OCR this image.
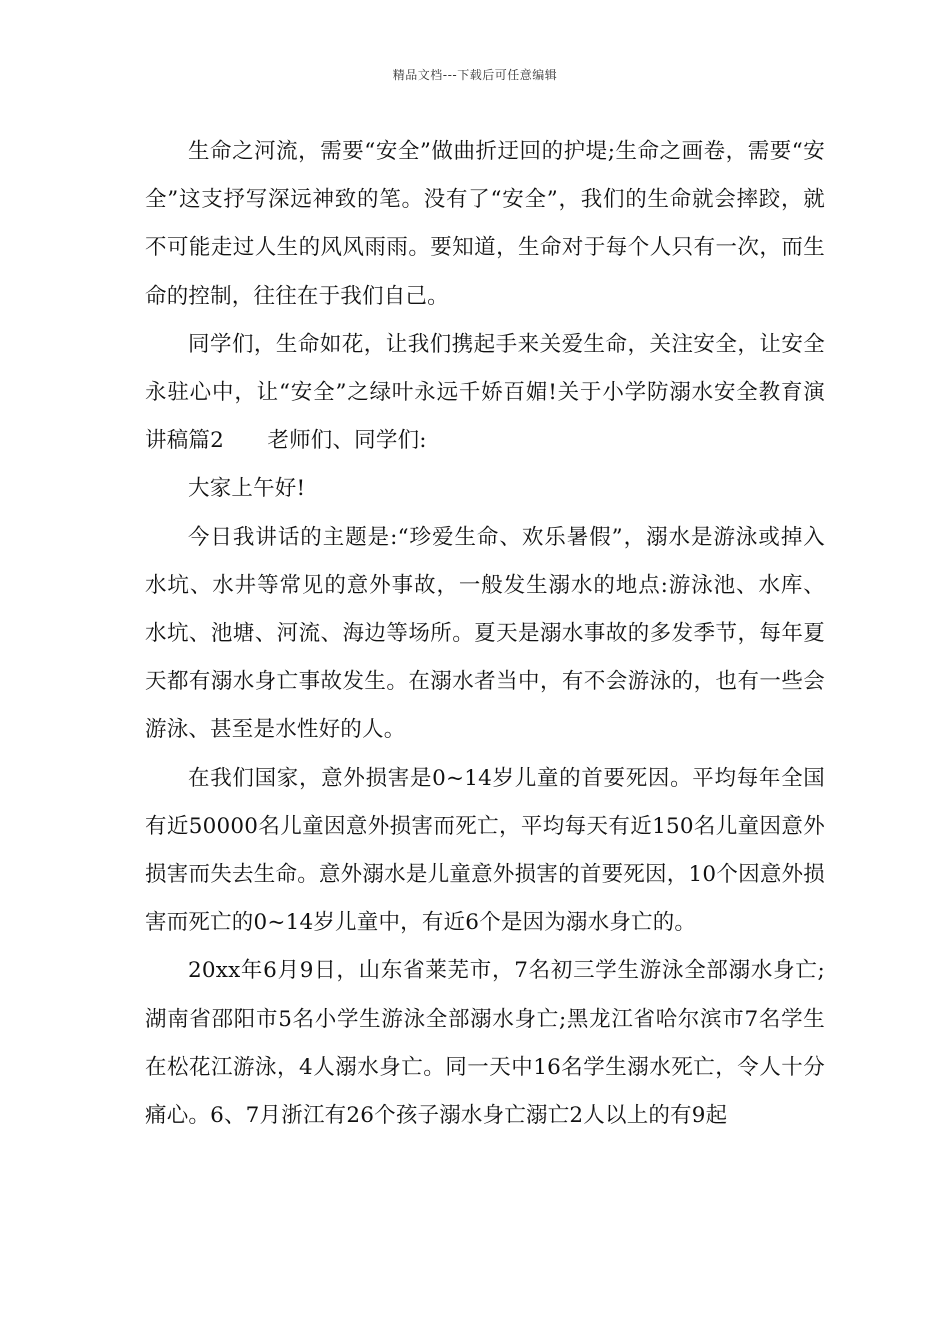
精品文档---下载后可任意编辑

生命之河流，需要“安全”做曲折迂回的护堤;生命之画卷，需要“安全”这支抒写深远神致的笔。没有了“安全”，我们的生命就会摔跤，就不可能走过人生的风风雨雨。要知道，生命对于每个人只有一次，而生命的控制，往往在于我们自己。

同学们，生命如花，让我们携起手来关爱生命，关注安全，让安全永驻心中，让“安全”之绿叶永远千娇百媚!关于小学防溺水安全教育演讲稿篇2　　老师们、同学们:

大家上午好!

今日我讲话的主题是:“珍爱生命、欢乐暑假”，溺水是游泳或掉入水坑、水井等常见的意外事故，一般发生溺水的地点:游泳池、水库、水坑、池塘、河流、海边等场所。夏天是溺水事故的多发季节，每年夏天都有溺水身亡事故发生。在溺水者当中，有不会游泳的，也有一些会游泳、甚至是水性好的人。

在我们国家，意外损害是0~14岁儿童的首要死因。平均每年全国有近50000名儿童因意外损害而死亡，平均每天有近150名儿童因意外损害而失去生命。意外溺水是儿童意外损害的首要死因，10个因意外损害而死亡的0~14岁儿童中，有近6个是因为溺水身亡的。

20xx年6月9日，山东省莱芜市，7名初三学生游泳全部溺水身亡;湖南省邵阳市5名小学生游泳全部溺水身亡;黑龙江省哈尔滨市7名学生在松花江游泳，4人溺水身亡。同一天中16名学生溺水死亡，令人十分痛心。6、7月浙江有26个孩子溺水身亡溺亡2人以上的有9起
